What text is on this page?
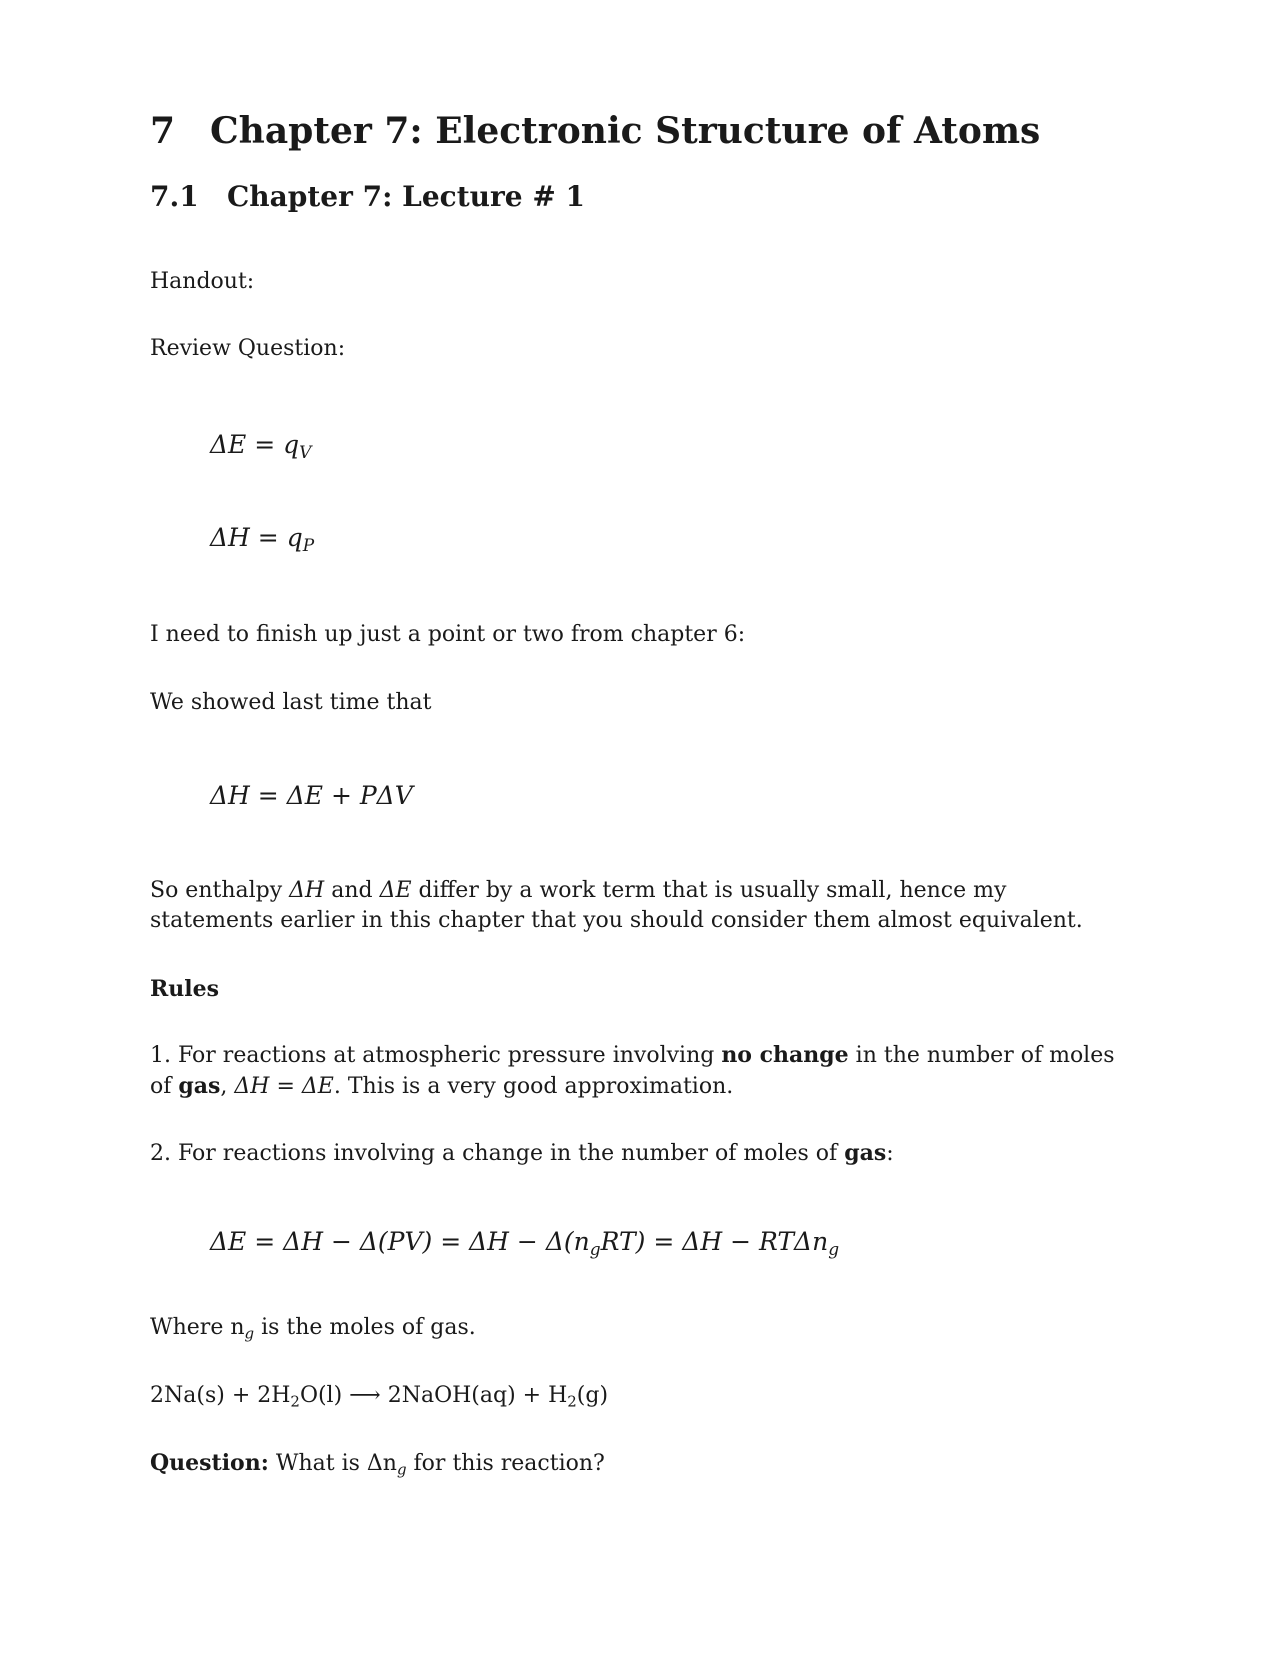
7 Chapter 7: Electronic Structure of Atoms
7.1 Chapter 7: Lecture # 1
Handout:
Review Question:
$\Delta E = q_V$
$\Delta H = q_P$
I need to finish up just a point or two from chapter 6:
We showed last time that
ΔH = ΔE + PΔV
So enthalpy ΔH and ΔE differ by a work term that is usually small, hence my statements earlier in this chapter that you should consider them almost equivalent.
Rules
1. For reactions at atmospheric pressure involving no change in the number of moles of gas, ΔH = ΔE. This is a very good approximation.
2. For reactions involving a change in the number of moles of gas:
$\Delta E = \Delta H - \Delta(PV) = \Delta H - \Delta(n_gRT) = \Delta H - RT\Delta n_g$
Where $n_g$ is the moles of gas.
$2Na(s) + 2H_2O(l)$ ⟶ 2NaOH(aq) + $H_2(g)$
Question: What is $\Delta n_g$ for this reaction?
